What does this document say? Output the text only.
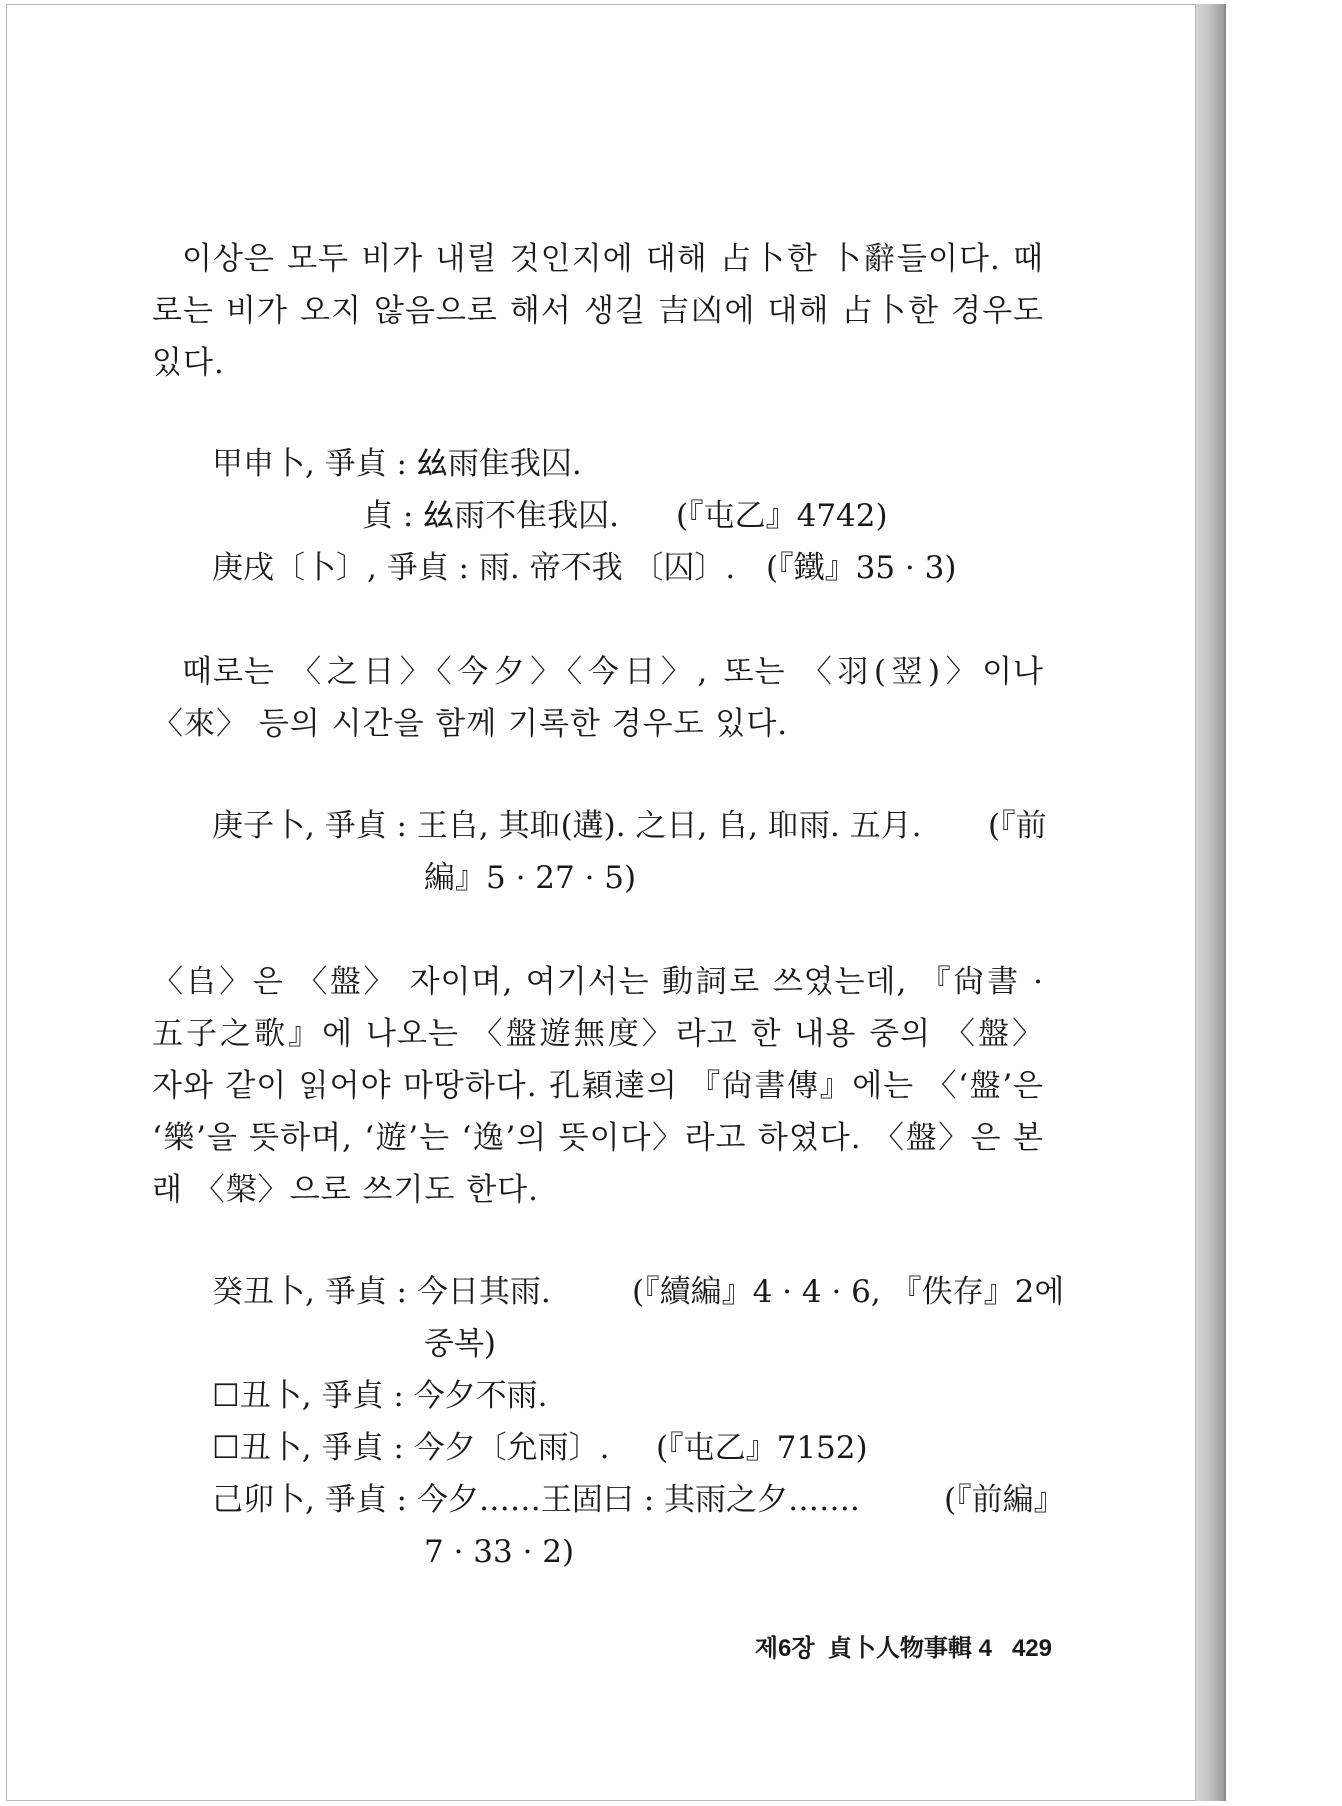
이상은 모두 비가 내릴 것인지에 대해 占卜한 卜辭들이다. 때로는 비가 오지 않음으로 해서 생길 吉凶에 대해 占卜한 경우도 있다.

甲申卜, 爭貞 : 𢆶雨隹我囚.

貞 : 𢆶雨不隹我囚. (『屯乙』4742)

庚戌〔卜〕, 爭貞 : 雨. 帝不我 〔囚〕. (『鐵』35 · 3)

때로는 〈之日〉〈今夕〉〈今日〉, 또는 〈羽(翌)〉이나 〈來〉 등의 시간을 함께 기록한 경우도 있다.

庚子卜, 爭貞 : 王𠂤, 其𦔻(遘). 之日, 𠂤, 𦔻雨. 五月. (『前

編』5 · 27 · 5)

〈𠂤〉은 〈盤〉 자이며, 여기서는 動詞로 쓰였는데, 『尙書 · 五子之歌』에 나오는 〈盤遊無度〉라고 한 내용 중의 〈盤〉 자와 같이 읽어야 마땅하다. 孔穎達의 『尙書傳』에는 〈‘盤’은 ‘樂’을 뜻하며, ‘遊’는 ‘逸’의 뜻이다〉라고 하였다. 〈盤〉은 본래 〈槃〉으로 쓰기도 한다.

癸丑卜, 爭貞 : 今日其雨.	(『續編』4 · 4 · 6, 『佚存』2에

중복)

☐丑卜, 爭貞 : 今夕不雨.

☐丑卜, 爭貞 : 今夕〔允雨〕. (『屯乙』7152)

己卯卜, 爭貞 : 今夕……王固曰 : 其雨之夕…….	(『前編』

7 · 33 · 2)

제6장  貞卜人物事輯 4 429
